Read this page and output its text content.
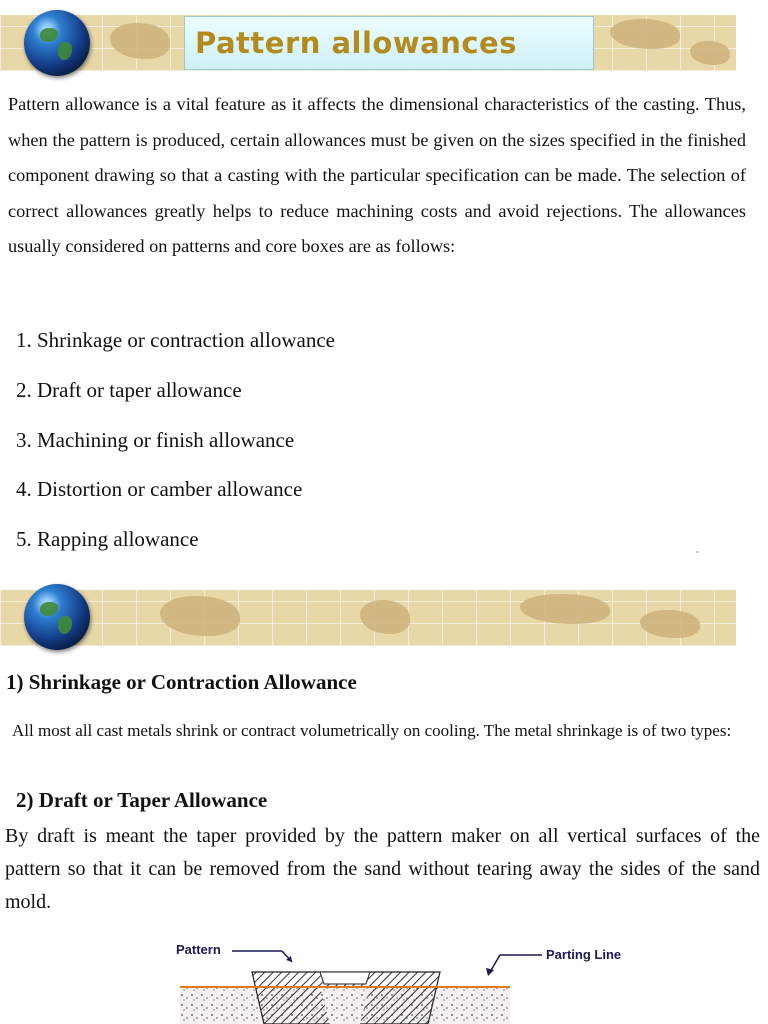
Pattern allowances

Pattern allowance is a vital feature as it affects the dimensional characteristics of the casting. Thus, when the pattern is produced, certain allowances must be given on the sizes specified in the finished component drawing so that a casting with the particular specification can be made. The selection of correct allowances greatly helps to reduce machining costs and avoid rejections. The allowances usually considered on patterns and core boxes are as follows:

1. Shrinkage or contraction allowance
2. Draft or taper allowance
3. Machining or finish allowance
4. Distortion or camber allowance
5. Rapping allowance
ˈ
1) Shrinkage or Contraction Allowance

All most all cast metals shrink or contract volumetrically on cooling. The metal shrinkage is of two types:

2) Draft or Taper Allowance

By draft is meant the taper provided by the pattern maker on all vertical surfaces of the pattern so that it can be removed from the sand without tearing away the sides of the sand mold.

Pattern	Parting Line
